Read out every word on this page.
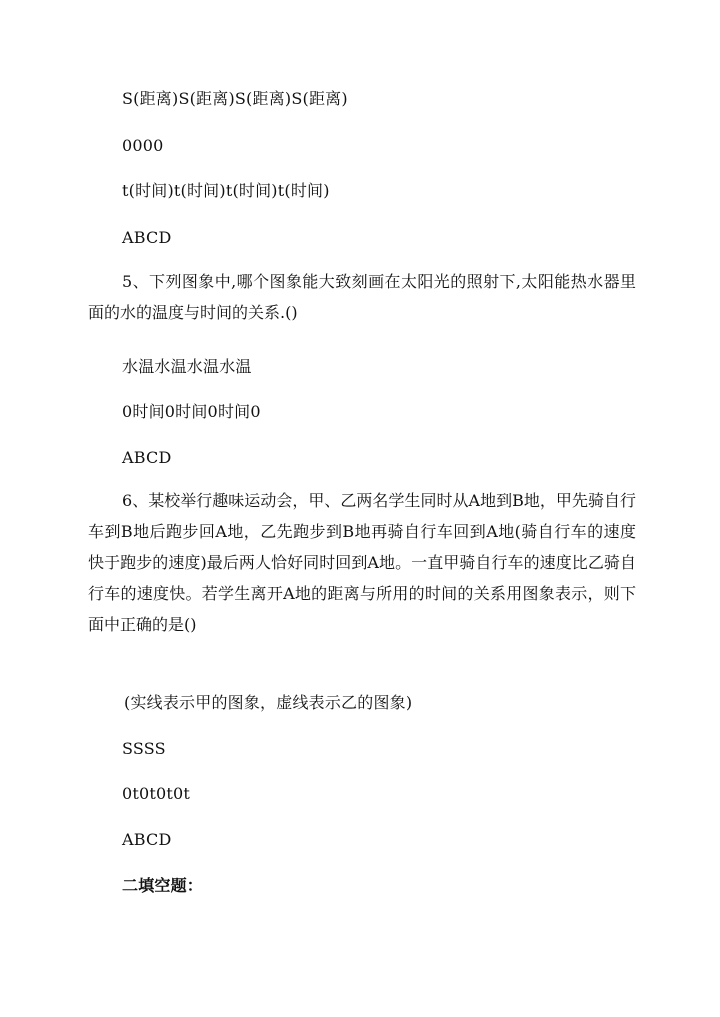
S(距离)S(距离)S(距离)S(距离)
0000
t(时间)t(时间)t(时间)t(时间)
ABCD
5、下列图象中,哪个图象能大致刻画在太阳光的照射下,太阳能热水器里面的水的温度与时间的关系.()
水温水温水温水温
0时间0时间0时间0
ABCD
6、某校举行趣味运动会，甲、乙两名学生同时从A地到B地，甲先骑自行车到B地后跑步回A地，乙先跑步到B地再骑自行车回到A地(骑自行车的速度快于跑步的速度)最后两人恰好同时回到A地。一直甲骑自行车的速度比乙骑自行车的速度快。若学生离开A地的距离与所用的时间的关系用图象表示，则下面中正确的是()
(实线表示甲的图象，虚线表示乙的图象)
SSSS
0t0t0t0t
ABCD
二填空题：
